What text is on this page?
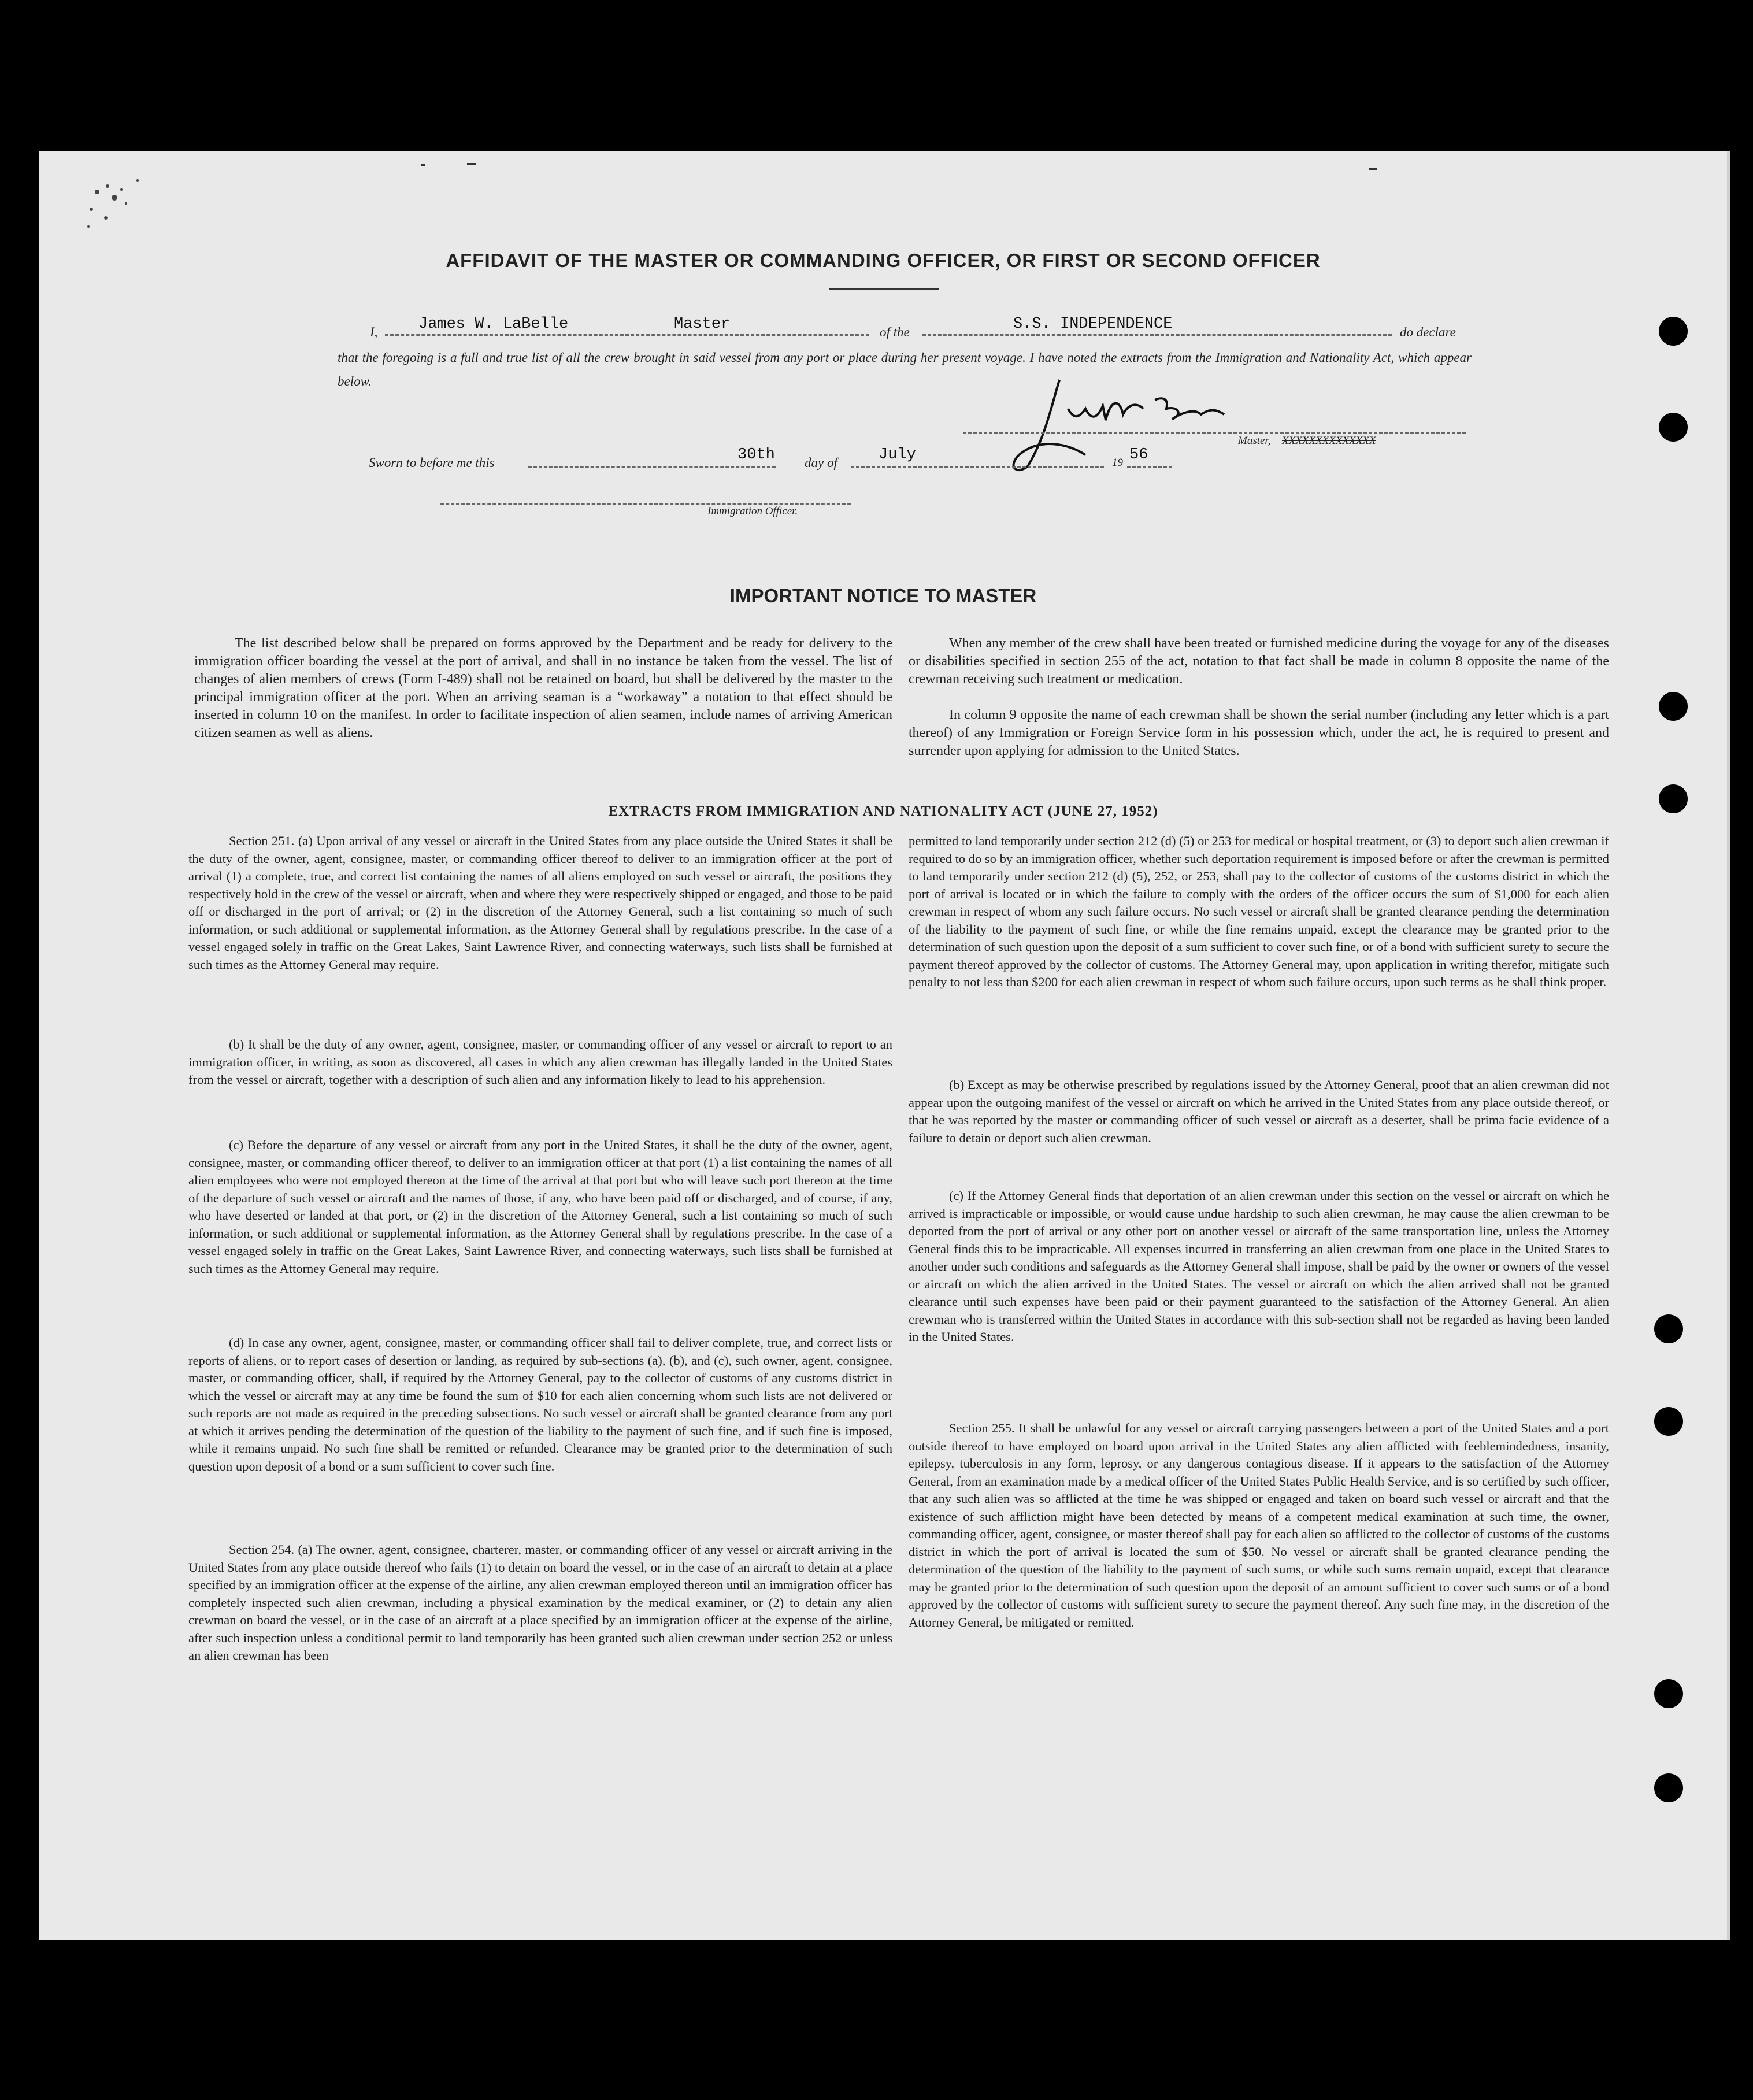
AFFIDAVIT OF THE MASTER OR COMMANDING OFFICER, OR FIRST OR SECOND OFFICER
I,	James W. LaBelle	Master	of the	S.S. INDEPENDENCE	do declare

that the foregoing is a full and true list of all the crew brought in said vessel from any port or place during her present voyage. I have noted the extracts from the Immigration and Nationality Act, which appear below.

Master, XXXXXXXXXXXXXX
Sworn to before me this	30th day of	July	19 56
Immigration Officer.
IMPORTANT NOTICE TO MASTER

The list described below shall be prepared on forms approved by the Department and be ready for delivery to the immigration officer boarding the vessel at the port of arrival, and shall in no instance be taken from the vessel. The list of changes of alien members of crews (Form I-489) shall not be retained on board, but shall be delivered by the master to the principal immigration officer at the port. When an arriving seaman is a “workaway” a notation to that effect should be inserted in column 10 on the manifest. In order to facilitate inspection of alien seamen, include names of arriving American citizen seamen as well as aliens.

When any member of the crew shall have been treated or furnished medicine during the voyage for any of the diseases or disabilities specified in section 255 of the act, notation to that fact shall be made in column 8 opposite the name of the crewman receiving such treatment or medication.

In column 9 opposite the name of each crewman shall be shown the serial number (including any letter which is a part thereof) of any Immigration or Foreign Service form in his possession which, under the act, he is required to present and surrender upon applying for admission to the United States.

EXTRACTS FROM IMMIGRATION AND NATIONALITY ACT (JUNE 27, 1952)

Section 251. (a) Upon arrival of any vessel or aircraft in the United States from any place outside the United States it shall be the duty of the owner, agent, consignee, master, or commanding officer thereof to deliver to an immigration officer at the port of arrival (1) a complete, true, and correct list containing the names of all aliens employed on such vessel or aircraft, the positions they respectively hold in the crew of the vessel or aircraft, when and where they were respectively shipped or engaged, and those to be paid off or discharged in the port of arrival; or (2) in the discretion of the Attorney General, such a list containing so much of such information, or such additional or supplemental information, as the Attorney General shall by regulations prescribe. In the case of a vessel engaged solely in traffic on the Great Lakes, Saint Lawrence River, and connecting waterways, such lists shall be furnished at such times as the Attorney General may require.

(b) It shall be the duty of any owner, agent, consignee, master, or commanding officer of any vessel or aircraft to report to an immigration officer, in writing, as soon as discovered, all cases in which any alien crewman has illegally landed in the United States from the vessel or aircraft, together with a description of such alien and any information likely to lead to his apprehension.

(c) Before the departure of any vessel or aircraft from any port in the United States, it shall be the duty of the owner, agent, consignee, master, or commanding officer thereof, to deliver to an immigration officer at that port (1) a list containing the names of all alien employees who were not employed thereon at the time of the arrival at that port but who will leave such port thereon at the time of the departure of such vessel or aircraft and the names of those, if any, who have been paid off or discharged, and of course, if any, who have deserted or landed at that port, or (2) in the discretion of the Attorney General, such a list containing so much of such information, or such additional or supplemental information, as the Attorney General shall by regulations prescribe. In the case of a vessel engaged solely in traffic on the Great Lakes, Saint Lawrence River, and connecting waterways, such lists shall be furnished at such times as the Attorney General may require.

(d) In case any owner, agent, consignee, master, or commanding officer shall fail to deliver complete, true, and correct lists or reports of aliens, or to report cases of desertion or landing, as required by sub-sections (a), (b), and (c), such owner, agent, consignee, master, or commanding officer, shall, if required by the Attorney General, pay to the collector of customs of any customs district in which the vessel or aircraft may at any time be found the sum of $10 for each alien concerning whom such lists are not delivered or such reports are not made as required in the preceding subsections. No such vessel or aircraft shall be granted clearance from any port at which it arrives pending the determination of the question of the liability to the payment of such fine, and if such fine is imposed, while it remains unpaid. No such fine shall be remitted or refunded. Clearance may be granted prior to the determination of such question upon deposit of a bond or a sum sufficient to cover such fine.

Section 254. (a) The owner, agent, consignee, charterer, master, or commanding officer of any vessel or aircraft arriving in the United States from any place outside thereof who fails (1) to detain on board the vessel, or in the case of an aircraft to detain at a place specified by an immigration officer at the expense of the airline, any alien crewman employed thereon until an immigration officer has completely inspected such alien crewman, including a physical examination by the medical examiner, or (2) to detain any alien crewman on board the vessel, or in the case of an aircraft at a place specified by an immigration officer at the expense of the airline, after such inspection unless a conditional permit to land temporarily has been granted such alien crewman under section 252 or unless an alien crewman has been

permitted to land temporarily under section 212 (d) (5) or 253 for medical or hospital treatment, or (3) to deport such alien crewman if required to do so by an immigration officer, whether such deportation requirement is imposed before or after the crewman is permitted to land temporarily under section 212 (d) (5), 252, or 253, shall pay to the collector of customs of the customs district in which the port of arrival is located or in which the failure to comply with the orders of the officer occurs the sum of $1,000 for each alien crewman in respect of whom any such failure occurs. No such vessel or aircraft shall be granted clearance pending the determination of the liability to the payment of such fine, or while the fine remains unpaid, except the clearance may be granted prior to the determination of such question upon the deposit of a sum sufficient to cover such fine, or of a bond with sufficient surety to secure the payment thereof approved by the collector of customs. The Attorney General may, upon application in writing therefor, mitigate such penalty to not less than $200 for each alien crewman in respect of whom such failure occurs, upon such terms as he shall think proper.

(b) Except as may be otherwise prescribed by regulations issued by the Attorney General, proof that an alien crewman did not appear upon the outgoing manifest of the vessel or aircraft on which he arrived in the United States from any place outside thereof, or that he was reported by the master or commanding officer of such vessel or aircraft as a deserter, shall be prima facie evidence of a failure to detain or deport such alien crewman.

(c) If the Attorney General finds that deportation of an alien crewman under this section on the vessel or aircraft on which he arrived is impracticable or impossible, or would cause undue hardship to such alien crewman, he may cause the alien crewman to be deported from the port of arrival or any other port on another vessel or aircraft of the same transportation line, unless the Attorney General finds this to be impracticable. All expenses incurred in transferring an alien crewman from one place in the United States to another under such conditions and safeguards as the Attorney General shall impose, shall be paid by the owner or owners of the vessel or aircraft on which the alien arrived in the United States. The vessel or aircraft on which the alien arrived shall not be granted clearance until such expenses have been paid or their payment guaranteed to the satisfaction of the Attorney General. An alien crewman who is transferred within the United States in accordance with this sub-section shall not be regarded as having been landed in the United States.

Section 255. It shall be unlawful for any vessel or aircraft carrying passengers between a port of the United States and a port outside thereof to have employed on board upon arrival in the United States any alien afflicted with feeblemindedness, insanity, epilepsy, tuberculosis in any form, leprosy, or any dangerous contagious disease. If it appears to the satisfaction of the Attorney General, from an examination made by a medical officer of the United States Public Health Service, and is so certified by such officer, that any such alien was so afflicted at the time he was shipped or engaged and taken on board such vessel or aircraft and that the existence of such affliction might have been detected by means of a competent medical examination at such time, the owner, commanding officer, agent, consignee, or master thereof shall pay for each alien so afflicted to the collector of customs of the customs district in which the port of arrival is located the sum of $50. No vessel or aircraft shall be granted clearance pending the determination of the question of the liability to the payment of such sums, or while such sums remain unpaid, except that clearance may be granted prior to the determination of such question upon the deposit of an amount sufficient to cover such sums or of a bond approved by the collector of customs with sufficient surety to secure the payment thereof. Any such fine may, in the discretion of the Attorney General, be mitigated or remitted.
